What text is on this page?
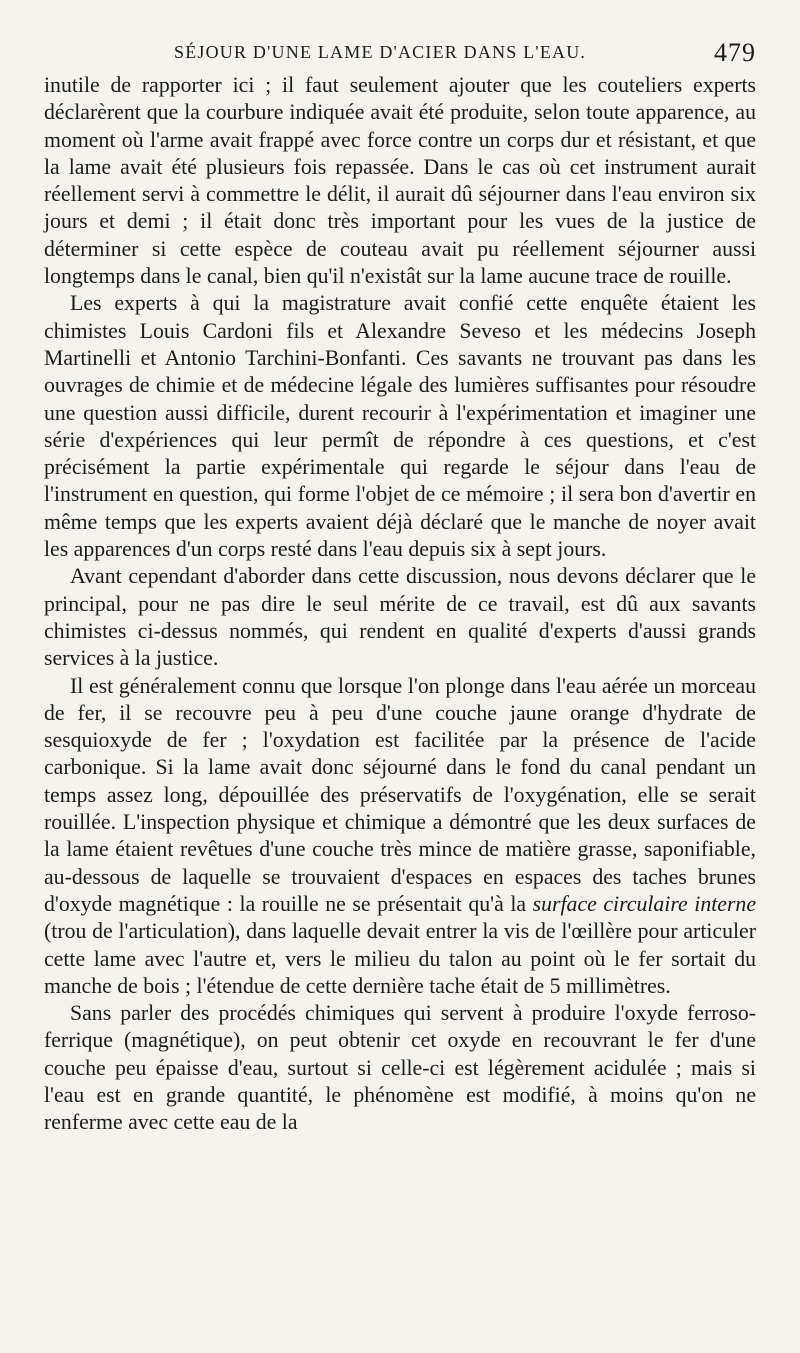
SÉJOUR D'UNE LAME D'ACIER DANS L'EAU.	479

inutile de rapporter ici ; il faut seulement ajouter que les couteliers experts déclarèrent que la courbure indiquée avait été produite, selon toute apparence, au moment où l'arme avait frappé avec force contre un corps dur et résistant, et que la lame avait été plusieurs fois repassée. Dans le cas où cet instrument aurait réellement servi à commettre le délit, il aurait dû séjourner dans l'eau environ six jours et demi ; il était donc très important pour les vues de la justice de déterminer si cette espèce de couteau avait pu réellement séjourner aussi longtemps dans le canal, bien qu'il n'existât sur la lame aucune trace de rouille.

Les experts à qui la magistrature avait confié cette enquête étaient les chimistes Louis Cardoni fils et Alexandre Seveso et les médecins Joseph Martinelli et Antonio Tarchini-Bonfanti. Ces savants ne trouvant pas dans les ouvrages de chimie et de médecine légale des lumières suffisantes pour résoudre une question aussi difficile, durent recourir à l'expérimentation et imaginer une série d'expériences qui leur permît de répondre à ces questions, et c'est précisément la partie expérimentale qui regarde le séjour dans l'eau de l'instrument en question, qui forme l'objet de ce mémoire ; il sera bon d'avertir en même temps que les experts avaient déjà déclaré que le manche de noyer avait les apparences d'un corps resté dans l'eau depuis six à sept jours.

Avant cependant d'aborder dans cette discussion, nous devons déclarer que le principal, pour ne pas dire le seul mérite de ce travail, est dû aux savants chimistes ci-dessus nommés, qui rendent en qualité d'experts d'aussi grands services à la justice.

Il est généralement connu que lorsque l'on plonge dans l'eau aérée un morceau de fer, il se recouvre peu à peu d'une couche jaune orange d'hydrate de sesquioxyde de fer ; l'oxydation est facilitée par la présence de l'acide carbonique. Si la lame avait donc séjourné dans le fond du canal pendant un temps assez long, dépouillée des préservatifs de l'oxygénation, elle se serait rouillée. L'inspection physique et chimique a démontré que les deux surfaces de la lame étaient revêtues d'une couche très mince de matière grasse, saponifiable, au-dessous de laquelle se trouvaient d'espaces en espaces des taches brunes d'oxyde magnétique : la rouille ne se présentait qu'à la surface circulaire interne (trou de l'articulation), dans laquelle devait entrer la vis de l'œillère pour articuler cette lame avec l'autre et, vers le milieu du talon au point où le fer sortait du manche de bois ; l'étendue de cette dernière tache était de 5 millimètres.

Sans parler des procédés chimiques qui servent à produire l'oxyde ferroso-ferrique (magnétique), on peut obtenir cet oxyde en recouvrant le fer d'une couche peu épaisse d'eau, surtout si celle-ci est légèrement acidulée ; mais si l'eau est en grande quantité, le phénomène est modifié, à moins qu'on ne renferme avec cette eau de la
